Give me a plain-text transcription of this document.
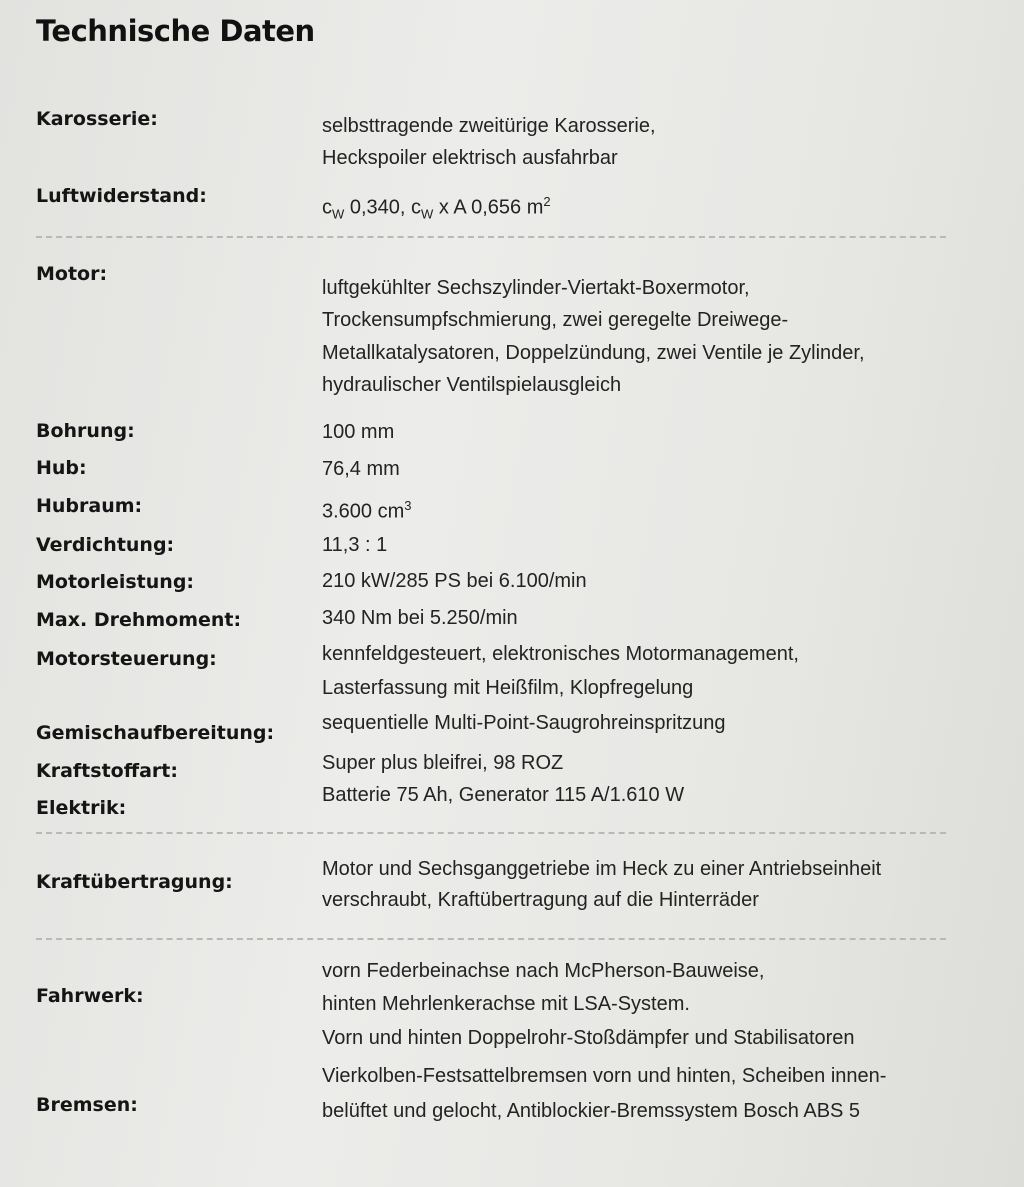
Technische Daten

Karosserie:	selbsttragende zweitürige Karosserie,

Heckspoiler elektrisch ausfahrbar

Luftwiderstand:

$c_W$ 0,340, $c_W$ x A 0,656 $m^2$

Motor:

luftgekühlter Sechszylinder-Viertakt-Boxermotor,

Trockensumpfschmierung, zwei geregelte Dreiwege-

Metallkatalysatoren, Doppelzündung, zwei Ventile je Zylinder,

hydraulischer Ventilspielausgleich

Bohrung:	100 mm

Hub:	76,4 mm

Hubraum:	3.600 $cm^3$

Verdichtung:	11,3 : 1

Motorleistung:	210 kW/285 PS bei 6.100/min

Max. Drehmoment:	340 Nm bei 5.250/min

Motorsteuerung:	kennfeldgesteuert, elektronisches Motormanagement,

Lasterfassung mit Heißfilm, Klopfregelung

Gemischaufbereitung: sequentielle Multi-Point-Saugrohreinspritzung

Kraftstoffart:	Super plus bleifrei, 98 ROZ

Elektrik:

Batterie 75 Ah, Generator 115 A/1.610 W

Kraftübertragung:

Motor und Sechsganggetriebe im Heck zu einer Antriebseinheit

verschraubt, Kraftübertragung auf die Hinterräder

Fahrwerk:

vorn Federbeinachse nach McPherson-Bauweise,

hinten Mehrlenkerachse mit LSA-System.

Vorn und hinten Doppelrohr-Stoßdämpfer und Stabilisatoren

Bremsen:

Vierkolben-Festsattelbremsen vorn und hinten, Scheiben innen-

belüftet und gelocht, Antiblockier-Bremssystem Bosch ABS 5
